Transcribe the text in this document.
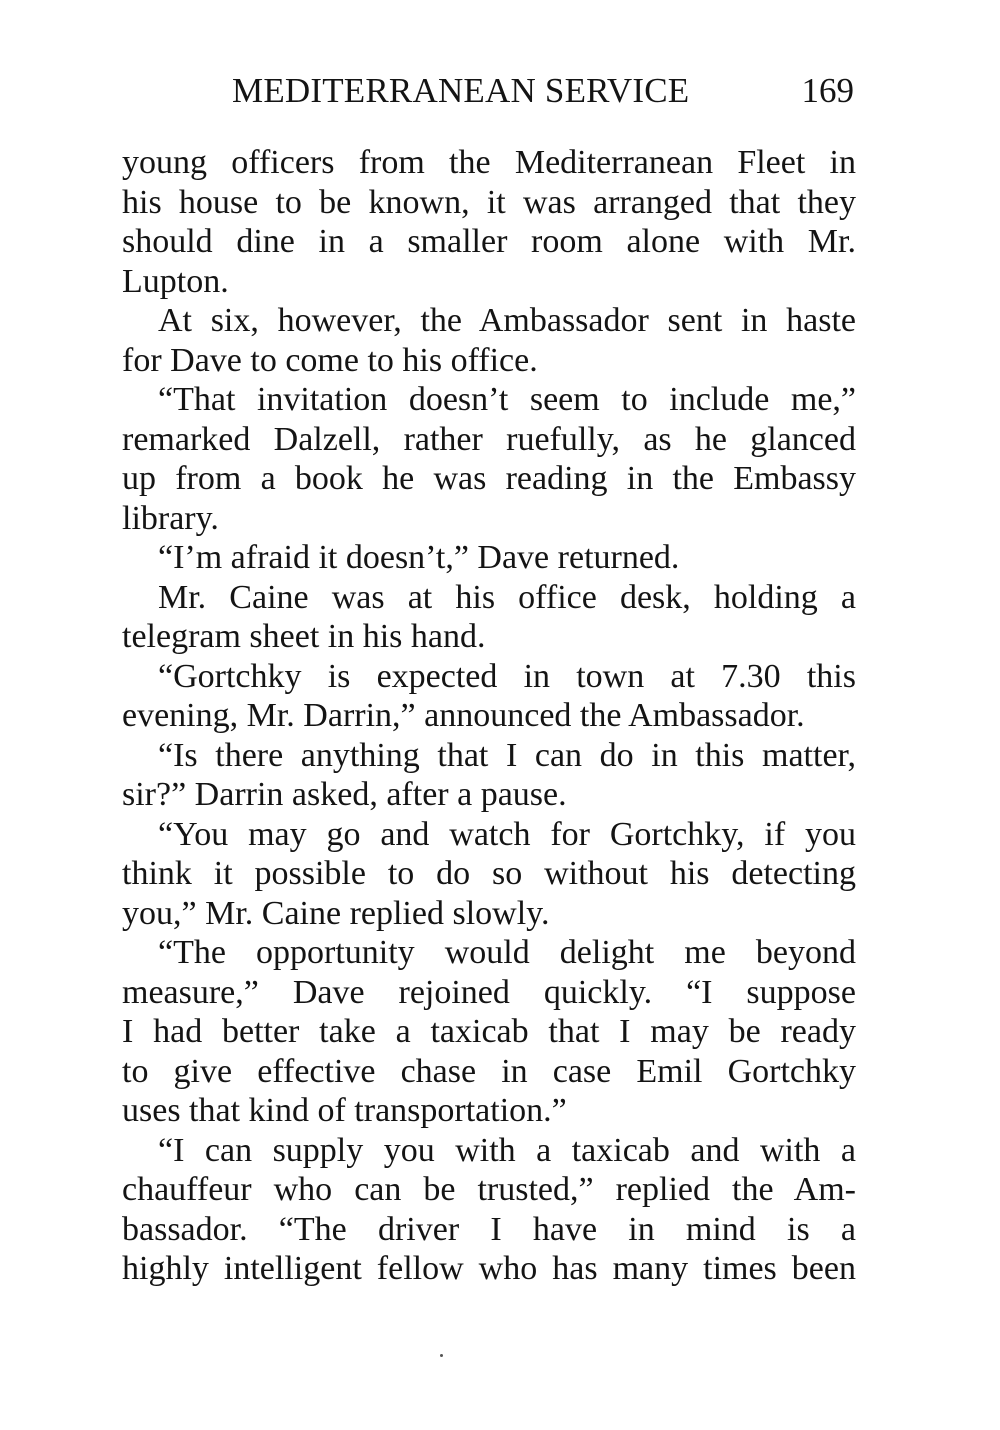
MEDITERRANEAN SERVICE	169
young officers from the Mediterranean Fleet in
his house to be known, it was arranged that they
should dine in a smaller room alone with Mr.
Lupton.
At six, however, the Ambassador sent in haste
for Dave to come to his office.
“That invitation doesn’t seem to include me,”
remarked Dalzell, rather ruefully, as he glanced
up from a book he was reading in the Embassy
library.
“I’m afraid it doesn’t,” Dave returned.
Mr. Caine was at his office desk, holding a
telegram sheet in his hand.
“Gortchky is expected in town at 7.30 this
evening, Mr. Darrin,” announced the Ambassador.
“Is there anything that I can do in this matter,
sir?” Darrin asked, after a pause.
“You may go and watch for Gortchky, if you
think it possible to do so without his detecting
you,” Mr. Caine replied slowly.
“The opportunity would delight me beyond
measure,” Dave rejoined quickly. “I suppose
I had better take a taxicab that I may be ready
to give effective chase in case Emil Gortchky
uses that kind of transportation.”
“I can supply you with a taxicab and with a
chauffeur who can be trusted,” replied the Am-
bassador. “The driver I have in mind is a
highly intelligent fellow who has many times been
